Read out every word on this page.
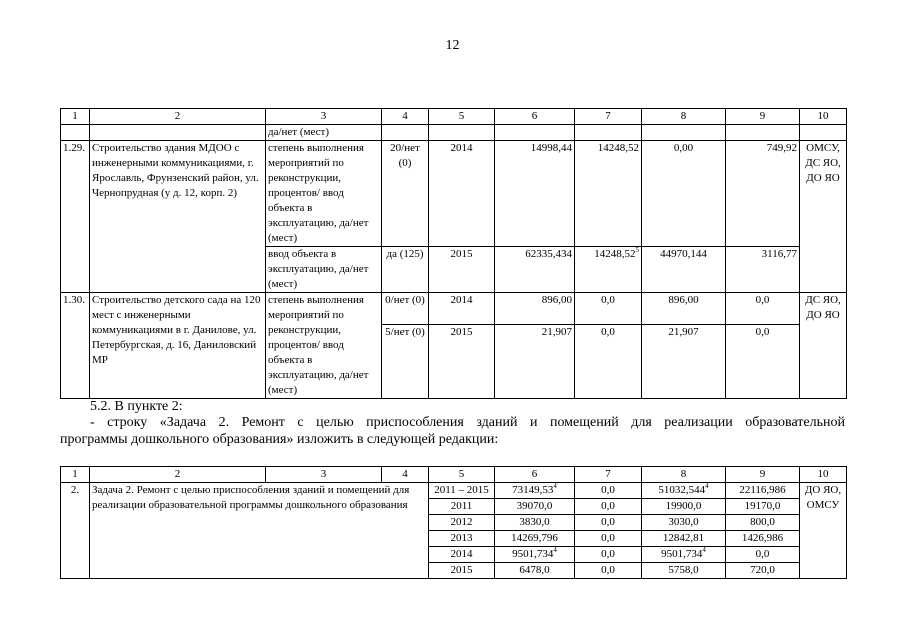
12
1	2	3	4	5	6	7	8	9	10
		да/нет (мест)							
1.29.	Строительство здания МДОО с инженерными коммуникациями, г. Ярославль, Фрунзенский район, ул. Чернопрудная (у д. 12, корп. 2)	степень выполнения мероприятий по реконструкции, процентов/ ввод объекта в эксплуатацию, да/нет (мест)	20/нет (0)	2014	14998,44	14248,52	0,00	749,92	ОМСУ, ДС ЯО, ДО ЯО
		ввод объекта в эксплуатацию, да/нет (мест)	да (125)	2015	62335,434	14248,52$^5$	44970,144	3116,77	
1.30.	Строительство детского сада на 120 мест с инженерными коммуникациями в г. Данилове, ул. Петербургская, д. 16, Даниловский МР	степень выполнения мероприятий по реконструкции, процентов/ ввод объекта в эксплуатацию, да/нет (мест)	0/нет (0)	2014	896,00	0,0	896,00	0,0	ДС ЯО, ДО ЯО
			5/нет (0)	2015	21,907	0,0	21,907	0,0	
5.2. В пункте 2:
- строку «Задача 2. Ремонт с целью приспособления зданий и помещений для реализации образовательной
программы дошкольного образования» изложить в следующей редакции:
1	2	3	4	5	6	7	8	9	10
2.	Задача 2. Ремонт с целью приспособления зданий и помещений для реализации образовательной программы дошкольного образования			2011 – 2015	73149,53$^4$	0,0	51032,544$^4$	22116,986	ДО ЯО, ОМСУ
				2011	39070,0	0,0	19900,0	19170,0	
				2012	3830,0	0,0	3030,0	800,0	
				2013	14269,796	0,0	12842,81	1426,986	
				2014	9501,734$^4$	0,0	9501,734$^4$	0,0	
				2015	6478,0	0,0	5758,0	720,0	
